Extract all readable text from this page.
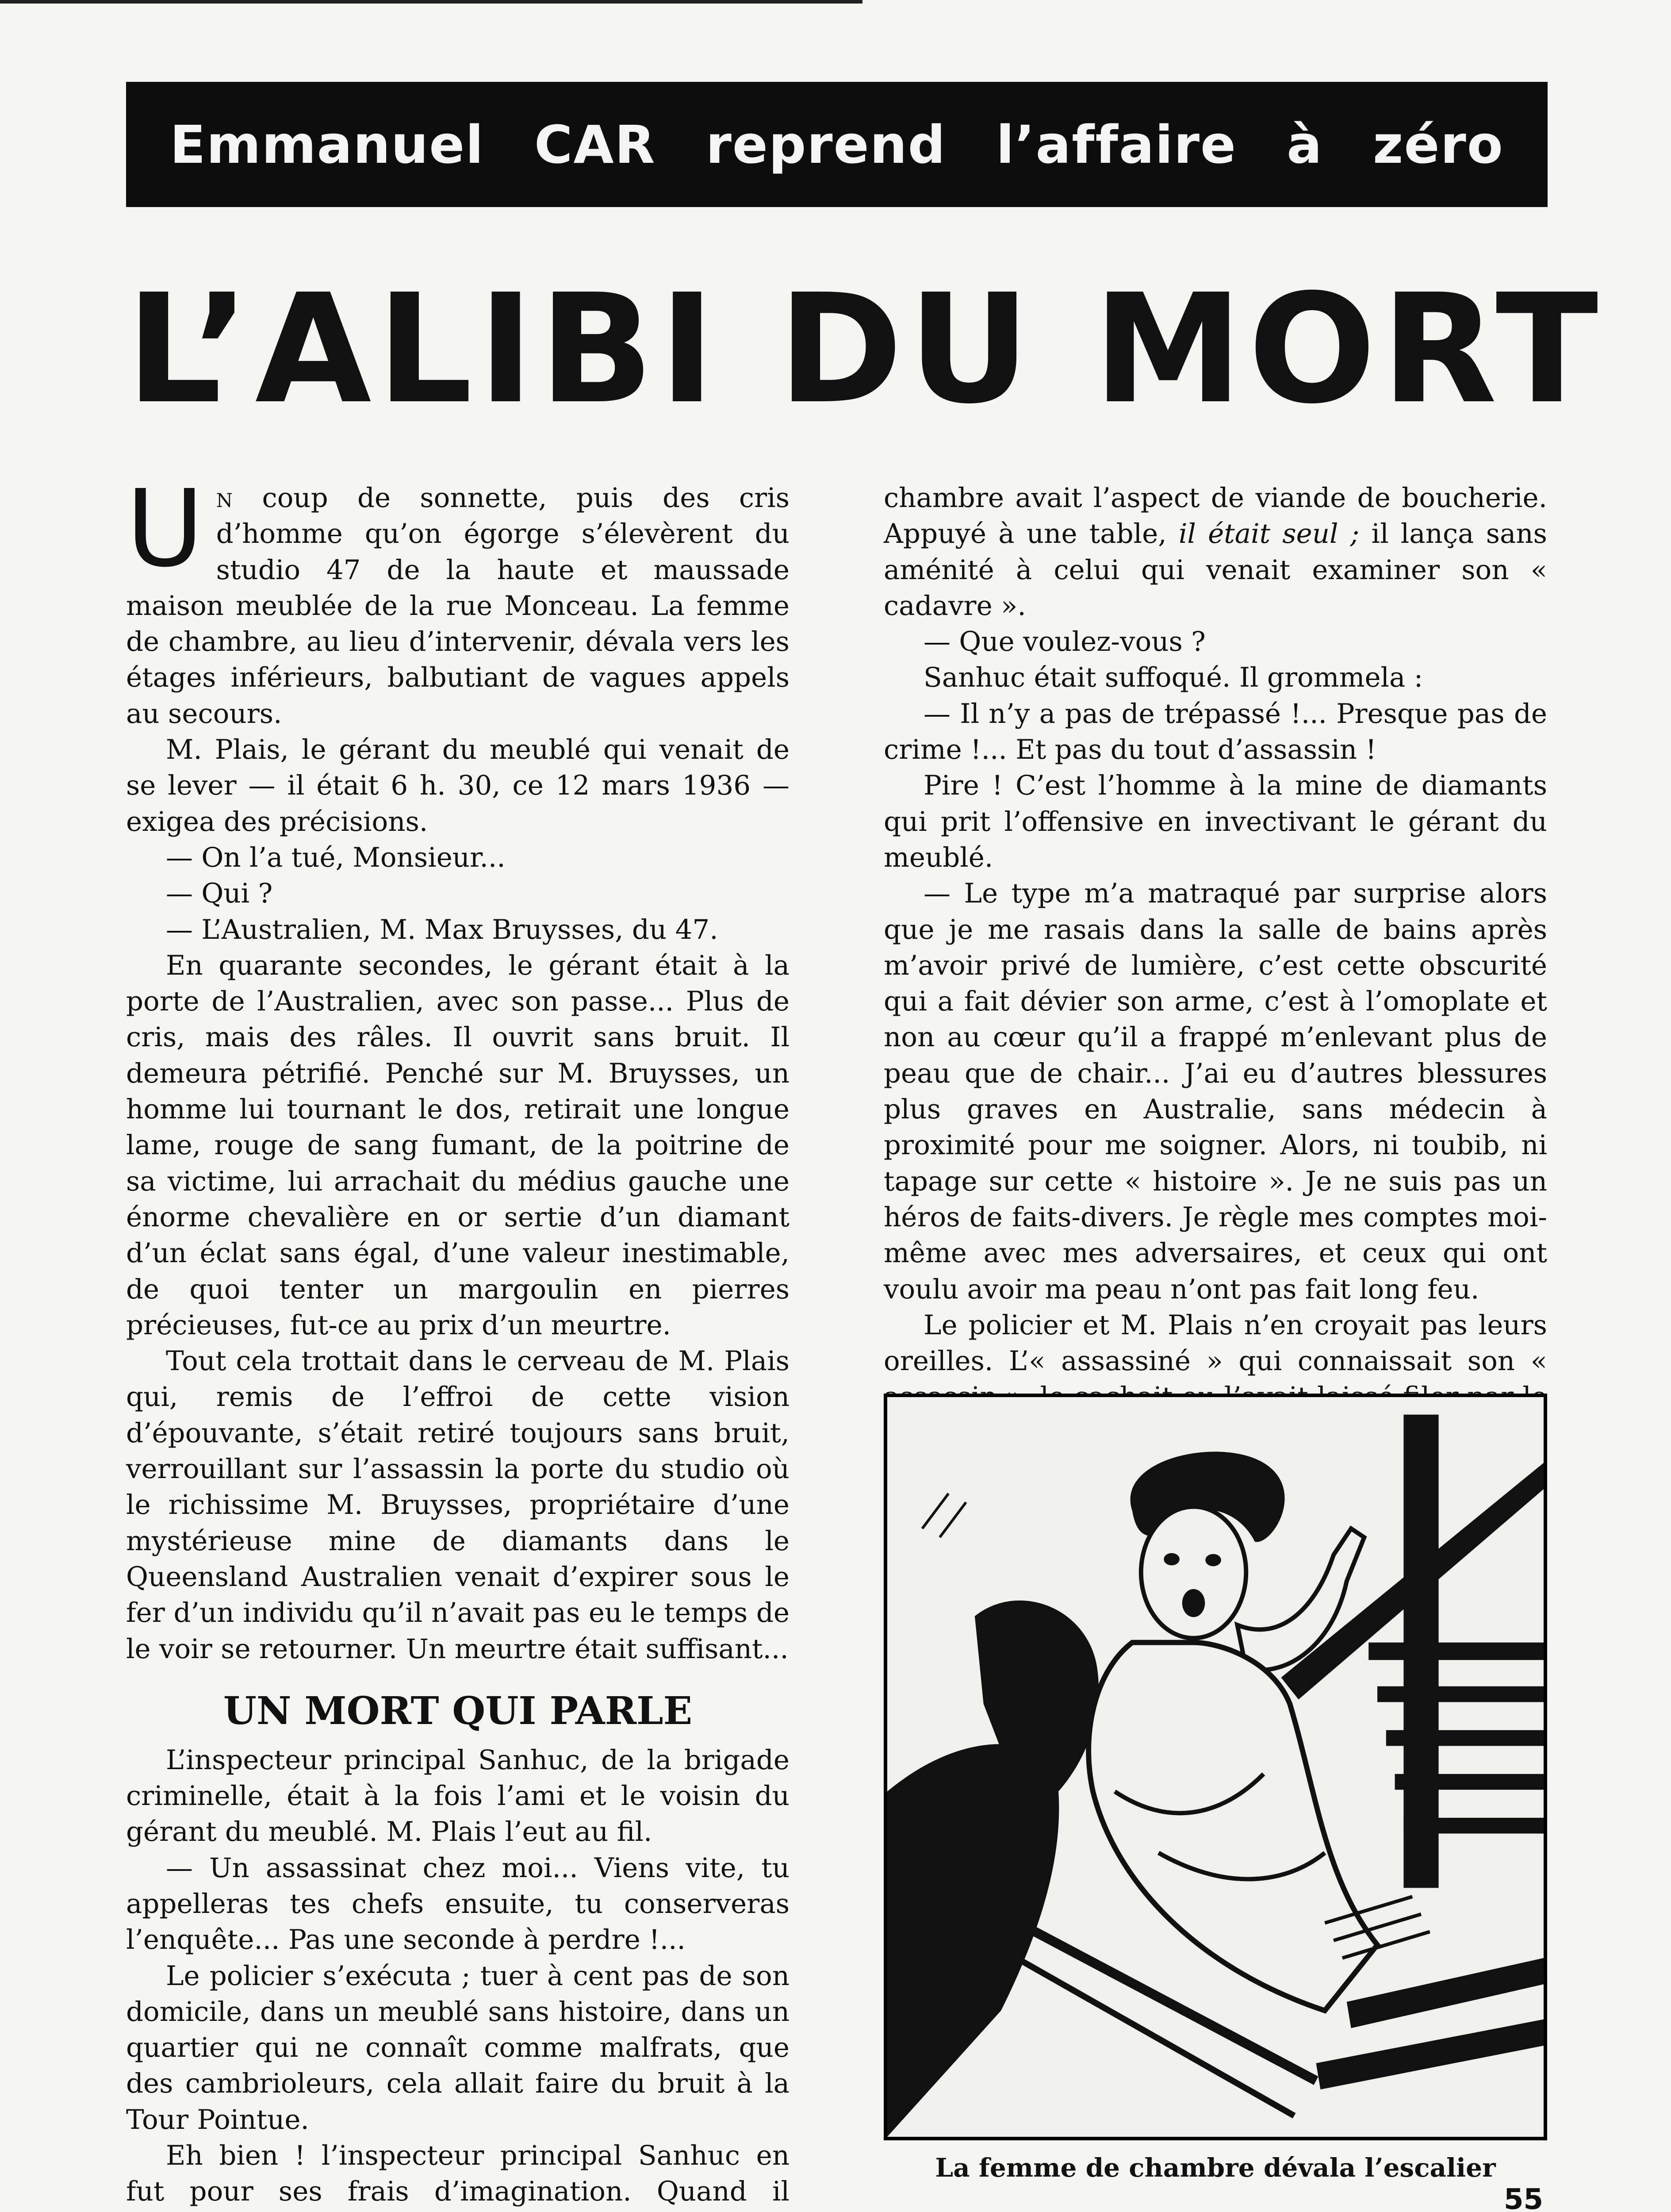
Emmanuel CAR reprend l’affaire à zéro
L’ALIBI DU MORT

Un coup de sonnette, puis des cris d’homme qu’on égorge s’élevèrent du studio 47 de la haute et maussade maison meublée de la rue Monceau. La femme de chambre, au lieu d’intervenir, dévala vers les étages inférieurs, balbutiant de vagues appels au secours.

M. Plais, le gérant du meublé qui venait de se lever — il était 6 h. 30, ce 12 mars 1936 — exigea des précisions.

— On l’a tué, Monsieur...

— Qui ?

— L’Australien, M. Max Bruysses, du 47.

En quarante secondes, le gérant était à la porte de l’Australien, avec son passe... Plus de cris, mais des râles. Il ouvrit sans bruit. Il demeura pétrifié. Penché sur M. Bruysses, un homme lui tournant le dos, retirait une longue lame, rouge de sang fumant, de la poitrine de sa victime, lui arrachait du médius gauche une énorme chevalière en or sertie d’un diamant d’un éclat sans égal, d’une valeur inestimable, de quoi tenter un margoulin en pierres précieuses, fut-ce au prix d’un meurtre.

Tout cela trottait dans le cerveau de M. Plais qui, remis de l’effroi de cette vision d’épouvante, s’était retiré toujours sans bruit, verrouillant sur l’assassin la porte du studio où le richissime M. Bruysses, propriétaire d’une mystérieuse mine de diamants dans le Queensland Australien venait d’expirer sous le fer d’un individu qu’il n’avait pas eu le temps de le voir se retourner. Un meurtre était suffisant...

UN MORT QUI PARLE

L’inspecteur principal Sanhuc, de la brigade criminelle, était à la fois l’ami et le voisin du gérant du meublé. M. Plais l’eut au fil.

— Un assassinat chez moi... Viens vite, tu appelleras tes chefs ensuite, tu conserveras l’enquête... Pas une seconde à perdre !...

Le policier s’exécuta ; tuer à cent pas de son domicile, dans un meublé sans histoire, dans un quartier qui ne connaît comme malfrats, que des cambrioleurs, cela allait faire du bruit à la Tour Pointue.

Eh bien ! l’inspecteur principal Sanhuc en fut pour ses frais d’imagination. Quand il

chambre avait l’aspect de viande de boucherie. Appuyé à une table, il était seul ; il lança sans aménité à celui qui venait examiner son « cadavre ».

— Que voulez-vous ?

Sanhuc était suffoqué. Il grommela :

— Il n’y a pas de trépassé !... Presque pas de crime !... Et pas du tout d’assassin !

Pire ! C’est l’homme à la mine de diamants qui prit l’offensive en invectivant le gérant du meublé.

— Le type m’a matraqué par surprise alors que je me rasais dans la salle de bains après m’avoir privé de lumière, c’est cette obscurité qui a fait dévier son arme, c’est à l’omoplate et non au cœur qu’il a frappé m’enlevant plus de peau que de chair... J’ai eu d’autres blessures plus graves en Australie, sans médecin à proximité pour me soigner. Alors, ni toubib, ni tapage sur cette « histoire ». Je ne suis pas un héros de faits-divers. Je règle mes comptes moi-même avec mes adversaires, et ceux qui ont voulu avoir ma peau n’ont pas fait long feu.

Le policier et M. Plais n’en croyait pas leurs oreilles. L’« assassiné » qui connaissait son «

La femme de chambre dévala l’escalier
55
